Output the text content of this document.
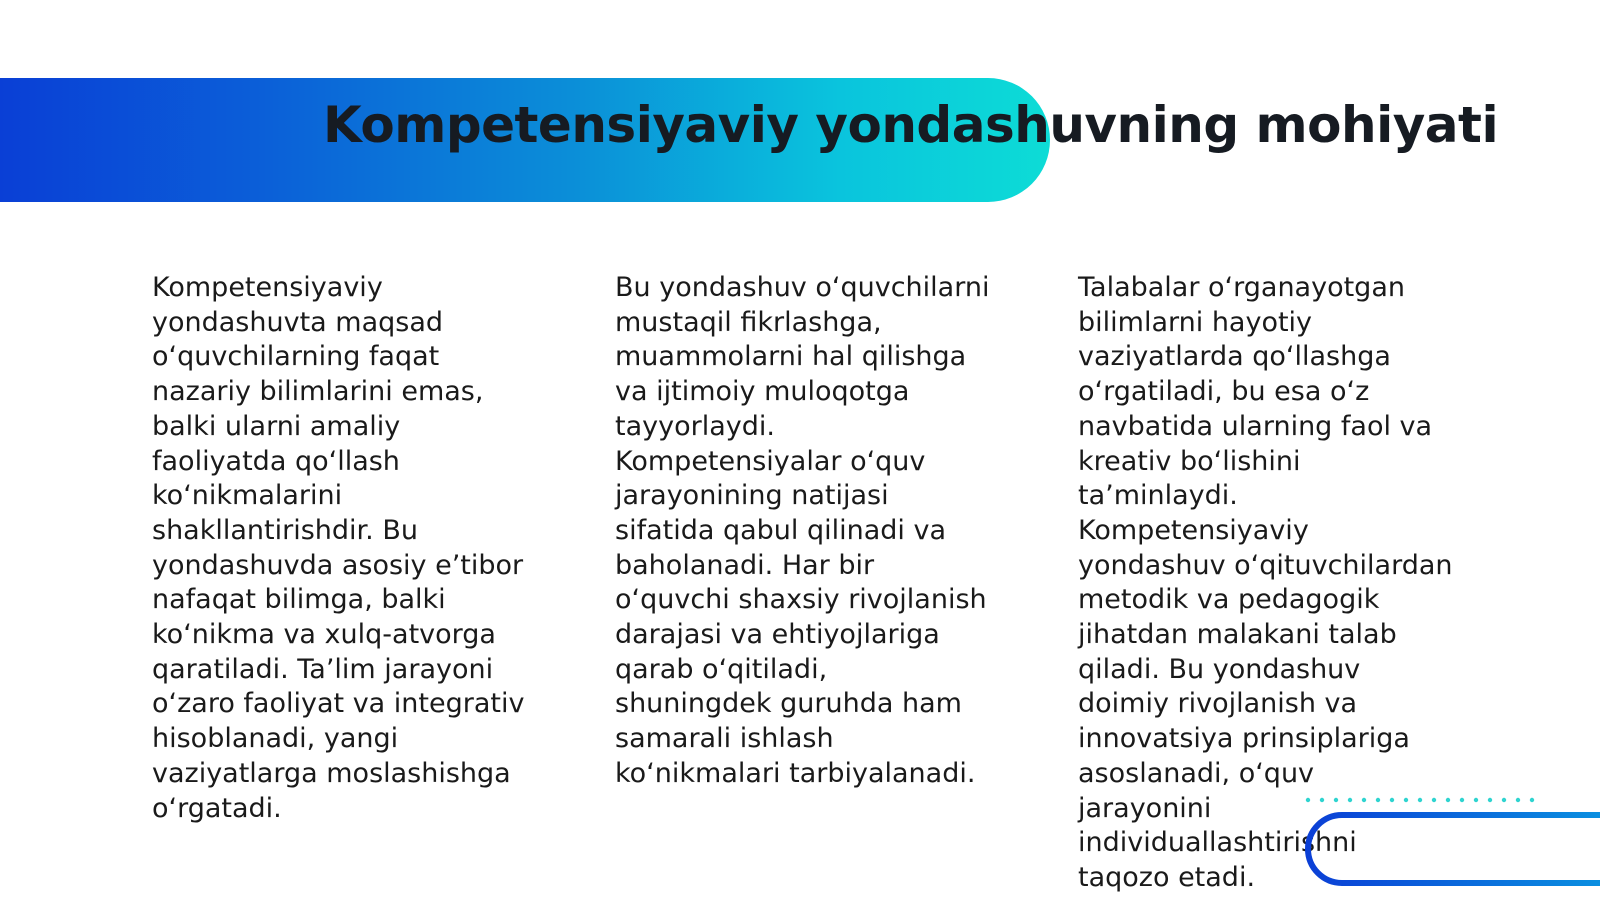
Kompetensiyaviy yondashuvning mohiyati

Kompetensiyaviy
yondashuvta maqsad
o‘quvchilarning faqat
nazariy bilimlarini emas,
balki ularni amaliy
faoliyatda qo‘llash
ko‘nikmalarini
shakllantirishdir. Bu
yondashuvda asosiy e’tibor
nafaqat bilimga, balki
ko‘nikma va xulq-atvorga
qaratiladi. Ta’lim jarayoni
o‘zaro faoliyat va integrativ
hisoblanadi, yangi
vaziyatlarga moslashishga
o‘rgatadi.

Bu yondashuv o‘quvchilarni
mustaqil fikrlashga,
muammolarni hal qilishga
va ijtimoiy muloqotga
tayyorlaydi.
Kompetensiyalar o‘quv
jarayonining natijasi
sifatida qabul qilinadi va
baholanadi. Har bir
o‘quvchi shaxsiy rivojlanish
darajasi va ehtiyojlariga
qarab o‘qitiladi,
shuningdek guruhda ham
samarali ishlash
ko‘nikmalari tarbiyalanadi.

Talabalar o‘rganayotgan
bilimlarni hayotiy
vaziyatlarda qo‘llashga
o‘rgatiladi, bu esa o‘z
navbatida ularning faol va
kreativ bo‘lishini
ta’minlaydi.
Kompetensiyaviy
yondashuv o‘qituvchilardan
metodik va pedagogik
jihatdan malakani talab
qiladi. Bu yondashuv
doimiy rivojlanish va
innovatsiya prinsiplariga
asoslanadi, o‘quv
jarayonini
individuallashtirishni
taqozo etadi.
